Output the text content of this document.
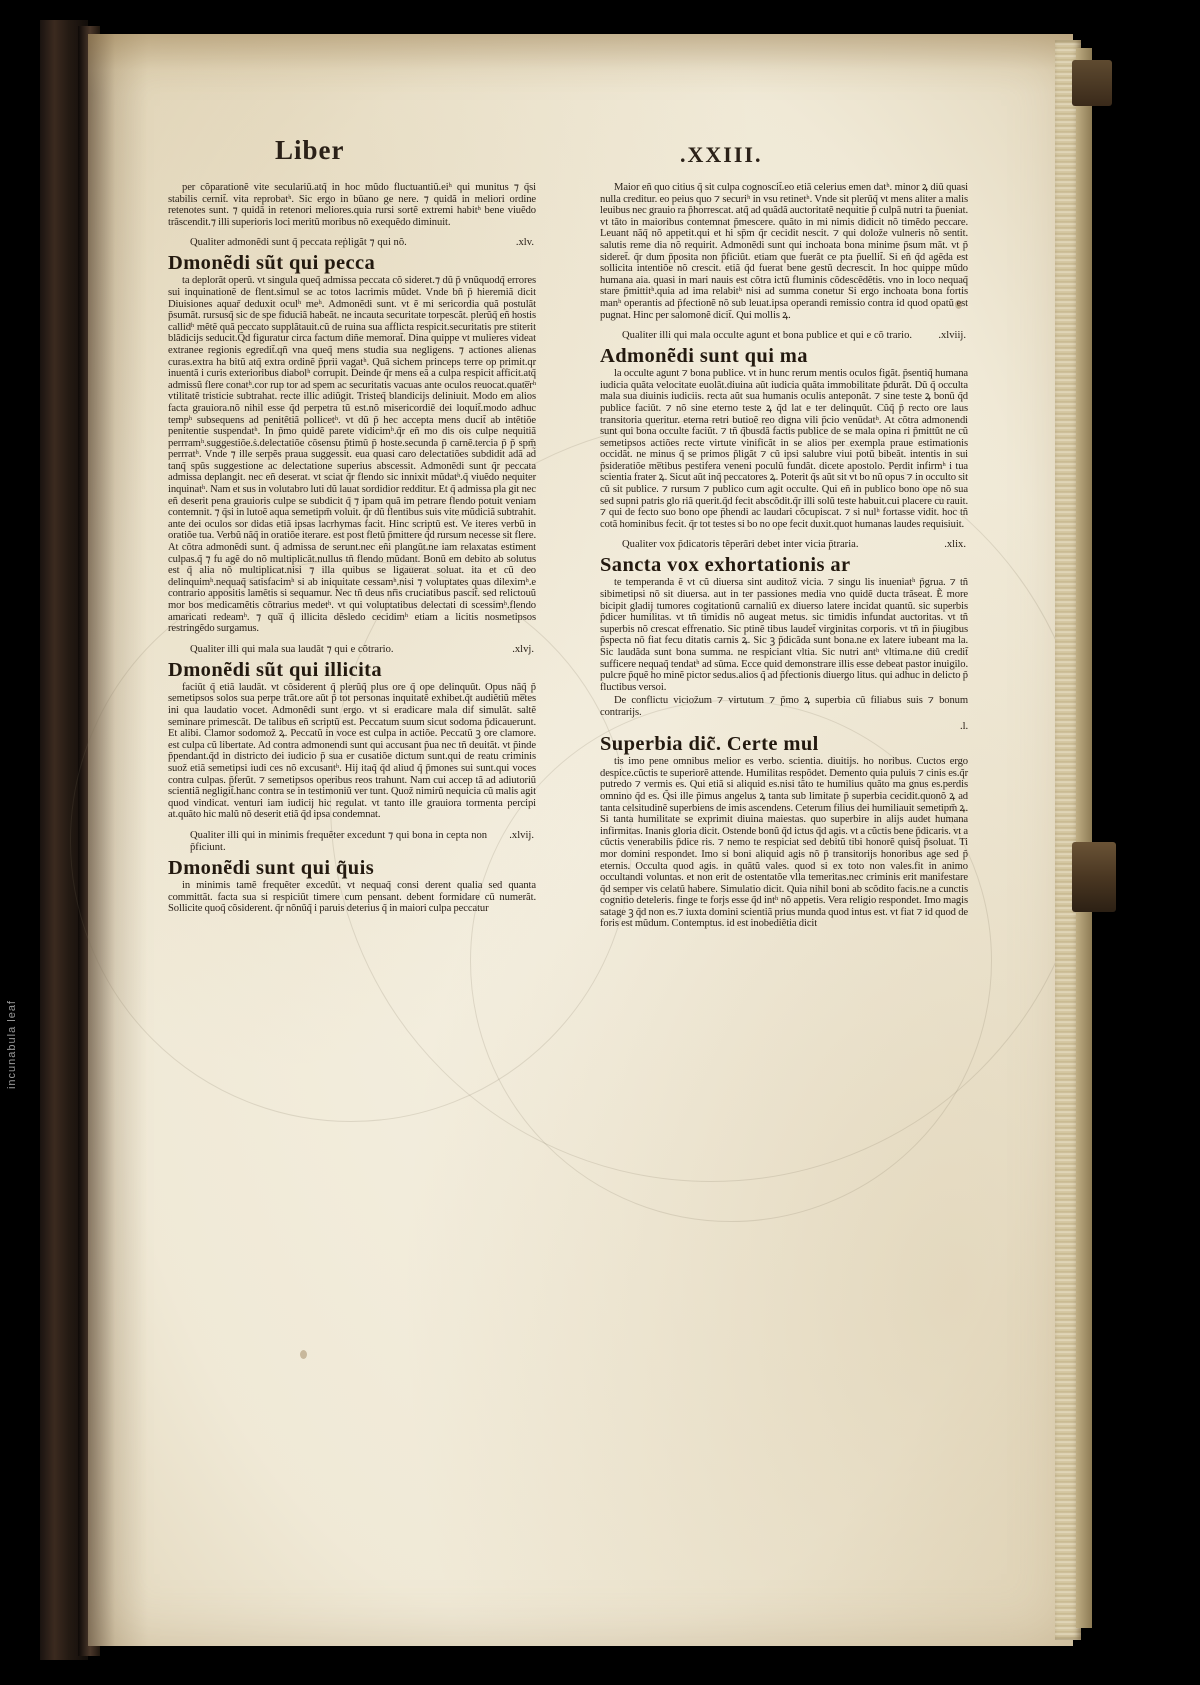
Liber	.XXIII.
incunabula leaf
per cõparationẽ vite seculariũ.atq̃ in hoc mũdo fluctuantiũ.eiʰ qui munitus ⁊ q̃si stabilis cernit̃. vita reprobatʰ. Sic ergo in bũano ge nere. ⁊ quidã in meliori ordine retenotes sunt. ⁊ quidã in retenori meliores.quia rursi sortẽ extremi habitʰ bene viuẽdo trãscendit.⁊ illi superioris loci meritũ moribus nõ exequẽdo diminuit.
Qualiter admonẽdi sunt q̃ peccata reṗligãt ⁊ qui nõ.	.xlv.
Dmonẽdi sũt qui pecca
ta deplorãt operũ. vt singula queq̃ admissa peccata cõ sideret.⁊ dũ p̃ vnũquodq̃ errores sui inquinationẽ de flent.simul se ac totos lacrimis mũdet. Vnde bñ p̃ hieremiã dicit Diuisiones aquar̃ deduxit oculʰ meʰ. Admonẽdi sunt. vt ẽ mi sericordia quã postulãt p̃sumãt. rursusq̃ sic de spe fiduciã habeãt. ne incauta securitate torpescãt. plerũq̃ eñ hostis callidʰ mẽtẽ quã peccato supplãtauit.cũ de ruina sua afflicta respicit.securitatis pre stiterit blãdicijs seducit.Q̃d figuratur circa factum diñe memorat̃. Dina quippe vt mulieres videat extranee regionis egredit̃.qñ vna queq̃ mens studia sua negligens. ⁊ actiones alienas curas.extra ha bitũ atq̃ extra ordinẽ p̃prii vagatʰ. Quã sichem princeps terre op primit.qr inuentã i curis exterioribus diabolʰ corrupit. Deinde q̃r mens eã a culpa respicit afficit.atq̃ admissũ flere conatʰ.cor rup tor ad spem ac securitatis vacuas ante oculos reuocat.quate̅rʰ vtilitatẽ tristicie subtrahat. recte illic adiũgit. Tristeq̃ blandicijs deliniuit. Modo em alios facta grauiora.nõ nihil esse q̃d perpetra tũ est.nõ misericordiẽ dei loquit̃.modo adhuc tempʰ subsequens ad penitẽtiã pollicetʰ. vt dũ p̃ hec accepta mens ducit̃ ab intẽtiõe penitentie suspendatʰ. In p̃mo quidẽ parete vidicimʰ.q̃r eñ mo dis ois culpe nequitiã perrramʰ.suggestiõe.ṡ.delectatiõe cõsensu p̃timũ p̃ hoste.secunda p̃ carnẽ.tercia p̃ p̃ spm̃ perrratʰ. Vnde ⁊ ille serpẽs praua suggessit. eua quasi caro delectatiões subdidit adã ad̃ tanq̃ spũs suggestione ac delectatione superius abscessit. Admonẽdi sunt q̃r peccata admissa deplangit. nec eñ deserat. vt sciat q̃r flendo sic innixit mũdatʰ.q̃ viuẽdo nequiter inquinatʰ. Nam et sus in volutabro luti dũ lauat sordidior redditur. Et q̃ admissa pla git nec eñ deserit pena grauioris culpe se subdicit q̃ ⁊ ipam quã im petrare flendo potuit veniam contemnit. ⁊ q̃si in lutoẽ aqua semetipm̃ voluit. q̃r dũ flentibus suis vite mũdiciã subtrahit. ante dei oculos sor didas etiã ipsas lacrhymas facit. Hinc scriptũ est. Ve iteres verbũ in oratiõe tua. Verbũ nãq̃ in oratiõe iterare. est post fletũ p̃mittere q̃d rursum necesse sit flere. At cõtra admonẽdi sunt. q̃ admissa de serunt.nec eñi plangũt.ne iam relaxatas estiment culpas.q̃ ⁊ fu agẽ do nõ multiplicãt.nullus tñ flendo mũdant. Bonũ em debito ab solutus est q̃ alia nõ multiplicat.nisi ⁊ illa quibus se ligauerat soluat. ita et cũ deo delinquimʰ.nequaq̃ satisfacimʰ si ab iniquitate cessamʰ.nisi ⁊ voluptates quas dileximʰ.e contrario appositis lamẽtis si sequamur. Nec tñ deus nr̃is cruciatibus pascit̃. sed relictouũ mor bos medicamẽtis cõtrarius medetʰ. vt qui voluptatibus delectati di scessimʰ.flendo amaricati redeamʰ. ⁊ qua̅ q̃ illicita dẽsledo cecidimʰ etiam a licitis nosmetipsos restringẽdo surgamus.
Qualiter illi qui mala sua laudãt ⁊ qui e cõtrario.	.xlvj.
Dmonẽdi sũt qui illicita
faciũt q̃ etiã laudãt. vt cõsiderent q̃ plerũq̃ plus ore q̃ ope delinquũt. Opus nãq̃ p̃ semetipsos solos sua perpe trãt.ore aũt p̃ tot personas inquitatẽ exhibet.q̃t audiẽtiũ me̅tes ini qua laudatio vocet. Admonẽdi sunt ergo. vt si eradicare mala dif simulãt. saltẽ seminare primescãt. De talibus eñ scriptũ est. Peccatum suum sicut sodoma p̃dicauerunt. Et alibi. Clamor sodomoz̃ ꝝ. Peccatũ in voce est culpa in actiõe. Peccatũ ꝫ ore clamore. est culpa cũ libertate. Ad contra admonendi sunt qui accusant p̃ua nec tñ deuitãt. vt p̃inde p̃pendant.q̃d in districto dei iudicio p̃ sua er cusatiõe dictum sunt.qui de reatu criminis suoz̃ etiã semetipsi iudi ces nõ excusantʰ. Hij itaq̃ q̃d aliud q̃ p̃mones sui sunt.qui voces contra culpas. p̃ferũt. ⁊ semetipsos operibus reos trahunt. Nam cui accep tã ad adiutoriũ scientiã negligit̃.hanc contra se in testimoniũ ver tunt. Quoz̃ nimirũ nequicia cũ malis agit quod vindicat. venturi iam iudicij hic regulat. vt tanto ille grauiora tormenta percipi at.quãto hic malũ nõ deserit etiã q̃d ipsa condemnat.
Qualiter illi qui in minimis frequẽter excedunt ⁊ qui bona in cepta non p̃ficiunt.
.xlvij.
Dmonẽdi sunt qui q̃uis
in minimis tamẽ frequẽter excedũt. vt nequaq̃ consi derent qualia sed quanta committãt. facta sua si respiciũt timere cum pensant. debent formidare cũ numerãt. Sollicite quoq̃ cõsiderent. q̃r nõnũq̃ i paruis deterius q̃ in maiori culpa peccatur
Maior eñ quo citius q̃ sit culpa cognoscit̃.eo etiã celerius emen datʰ. minor ꝝ diũ quasi nulla creditur. eo peius quo ⁊ securiʰ in vsu retinetʰ. Vnde sit plerũq̃ vt mens aliter a malis leuibus nec grauio ra p̃horrescat. atq̃ ad quãdã auctoritatẽ nequitie p̃ culpã nutri ta p̃ueniat. vt tãto in maioribus contemnat p̃mescere. quãto in mi nimis didicit nõ timẽdo peccare. Leuant nãq̃ nõ appetit.qui et hi sp̃m q̃r cecidit nescit. ⁊ qui doloz̃e vulneris nõ sentit. salutis reme dia nõ requirit. Admonẽdi sunt qui inchoata bona minime p̃sum mãt. vt p̃ sideret̃. q̃r dum p̃posita non p̃ficiũt. etiam que fuerãt ce pta p̃uellit̃. Si eñ q̃d agẽda est sollicita intentiõe nõ crescit. etiã q̃d fuerat bene gestũ decrescit. In hoc quippe mũdo humana aia. quasi in mari nauis est cõtra ictũ fluminis cõdescẽdẽtis. vno in loco nequaq̃ stare p̃mittitʰ.quia ad ima relabitʰ nisi ad summa conetur Si ergo inchoata bona fortis manʰ operantis ad p̃fectionẽ nõ sub leuat.ipsa operandi remissio contra id quod opatũ est pugnat. Hinc per salomonẽ dicit̃. Qui mollis ꝝ.
Qualiter illi qui mala occulte agunt et bona publice et qui e cõ trario. .xlviij.
Admonẽdi sunt qui ma
la occulte agunt ⁊ bona publice. vt in hunc rerum mentis oculos figãt. p̃sentiq̃ humana iudicia quãta velocitate euolãt.diuina aũt iudicia quãta immobilitate p̃durãt. Dũ q̃ occulta mala sua diuinis iudiciis. recta aũt sua humanis oculis anteponãt. ⁊ sine teste ꝝ bonũ q̃d publice faciũt. ⁊ nõ sine eterno teste ꝝ q̃d lat e ter delinquũt. Cũq̃ p̃ recto ore laus transitoria queritur. eterna retri butioẽ reo digna vili p̃cio venũdatʰ. At cõtra admonendi sunt qui bona occulte faciũt. ⁊ tñ q̃busdã factis publice de se mala opina ri p̃mittũt ne cũ semetipsos actiões recte virtute vinificãt in se alios per exempla praue estimationis occidãt. ne minus q̃ se primos p̃ligãt ⁊ cũ ipsi salubre viui potũ bibeãt. intentis in sui p̃sideratiõe me̅tibus pestifera veneni poculũ fundãt. dicete apostolo. Perdit infirmʰ i tua scientia frater ꝝ. Sicut aũt inq̃ peccatores ꝝ. Poterit q̃s aũt sit vt bo nũ opus ⁊ in occulto sit cũ sit publice. ⁊ rursum ⁊ publico cum agit occulte. Qui eñ in publico bono ope nõ sua sed supni patris glo riã querit.q̃d fecit abscõdit.q̃r illi solũ teste habuit.cui placere cu rauit. ⁊ qui de fecto suo bono ope p̃hendi ac laudari cõcupiscat. ⁊ si nulʰ fortasse vidit. hoc tñ cotã hominibus fecit. q̃r tot testes si bo no ope fecit duxit.quot humanas laudes requisiuit.
Qualiter vox p̃dicatoris tẽperãri debet inter vicia p̃traria.	.xlix.
Sancta vox exhortationis ar
te temperanda ẽ vt cũ diuersa sint auditoz̃ vicia. ⁊ singu lis inueniatʰ p̃grua. ⁊ tñ sibimetipsi nõ sit diuersa. aut in ter passiones media vno quidẽ ducta trãseat. Ẽ more bicipit gladij tumores cogitationũ carnaliũ ex diuerso latere incidat quantũ. sic superbis p̃dicer humilitas. vt tñ timidis nõ augeat metus. sic timidis infundat auctoritas. vt tñ superbis nõ crescat effrenatio. Sic ptinẽ tibus laudet̃ virginitas corporis. vt tñ in p̃iugibus p̃specta nõ fiat fecu ditatis carnis ꝝ. Sic ꝫ p̃dicãda sunt bona.ne ex latere iubeant ma la. Sic laudãda sunt bona summa. ne respiciant vltia. Sic nutri antʰ vltima.ne diũ credit̃ sufficere nequaq̃ tendatʰ ad sũma. Ecce quid demonstrare illis esse debeat pastor inuigilo. pulcre p̃quẽ ho minẽ pictor sedus.alios q̃ ad p̃fectionis diuergo litus. qui adhuc in delicto p̃ fluctibus versoi.
De conflictu vicioz̃um ⁊ virtutum ⁊ p̃mo ꝝ superbia cũ filiabus suis ⁊ bonum contrarijs.
.l.
Superbia dic̃. Certe mul
tis imo pene omnibus melior es verbo. scientia. diuitijs. ho noribus. Cuctos ergo despice.cũctis te superiorẽ attende. Humilitas respõdet. Demento quia puluis ⁊ cinis es.q̃r putredo ⁊ vermis es. Qui etiã si aliquid es.nisi tãto te humilius quãto ma gnus es.perdis omnino q̃d es. Q̃si ille p̃imus angelus ꝝ tanta sub limitate p̃ superbia cecidit.quonõ ꝝ ad tanta celsitudinẽ superbiens de imis ascendens. Ceterum filius dei humiliauit semetipm̃ ꝝ. Si tanta humilitate se exprimit diuina maiestas. quo superbire in alijs audet humana infirmitas. Inanis gloria dicit. Ostende bonũ q̃d ictus q̃d agis. vt a cũctis bene p̃dicaris. vt a cũctis venerabilis p̃dice ris. ⁊ nemo te respiciat sed debitũ tibi honorẽ quisq̃ p̃soluat. Ti mor domini respondet. Imo si boni aliquid agis nõ p̃ transitorijs honoribus age sed p̃ eternis. Occulta quod agis. in quãtũ vales. quod si ex toto non vales.fit in animo occultandi voluntas. et non erit de ostentatõe vlla temeritas.nec criminis erit manifestare q̃d semper vis celatũ habere. Simulatio dicit. Quia nihil boni ab scõdito facis.ne a cunctis cognitio deteleris. finge te forjs esse q̃d intʰ nõ appetis. Vera religio respondet. Imo magis satage ꝫ q̃d non es.⁊ iuxta domini scientiã prius munda quod intus est. vt fiat ⁊ id quod de foris est mũdum. Contemptus. id est inobediẽtia dicit
